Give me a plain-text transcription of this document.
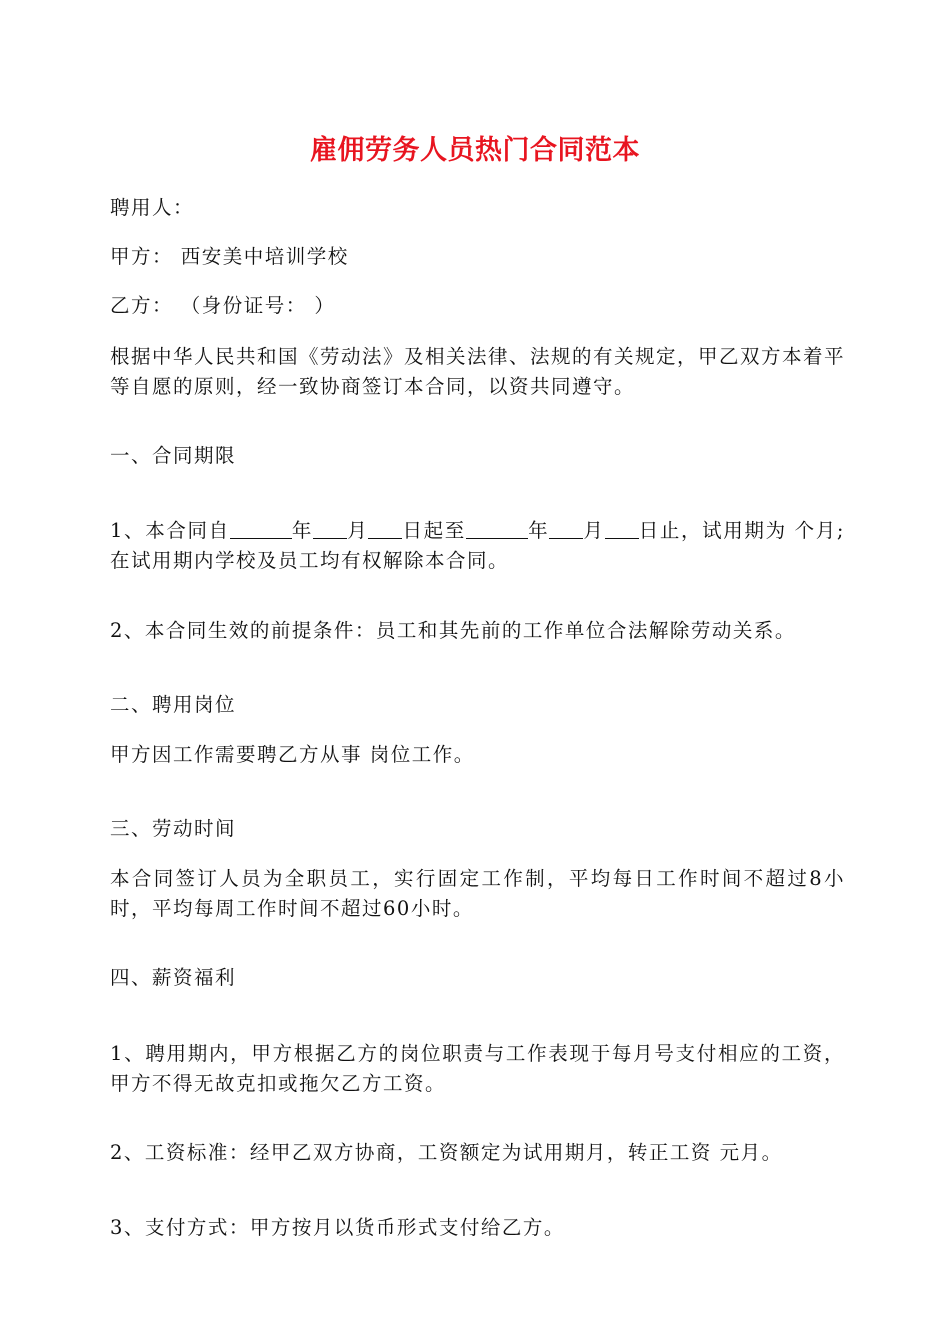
雇佣劳务人员热门合同范本
聘用人：
甲方： 西安美中培训学校
乙方： （身份证号： ）
根据中华人民共和国《劳动法》及相关法律、法规的有关规定，甲乙双方本着平等自愿的原则，经一致协商签订本合同，以资共同遵守。
一、合同期限
1、本合同自	年 月 日起至	年 月 日止，试用期为 个月;在试用期内学校及员工均有权解除本合同。
2、本合同生效的前提条件：员工和其先前的工作单位合法解除劳动关系。
二、聘用岗位
甲方因工作需要聘乙方从事 岗位工作。
三、劳动时间
本合同签订人员为全职员工，实行固定工作制，平均每日工作时间不超过8小时，平均每周工作时间不超过60小时。
四、薪资福利
1、聘用期内，甲方根据乙方的岗位职责与工作表现于每月号支付相应的工资，甲方不得无故克扣或拖欠乙方工资。
2、工资标准：经甲乙双方协商，工资额定为试用期月，转正工资 元月。
3、支付方式：甲方按月以货币形式支付给乙方。
